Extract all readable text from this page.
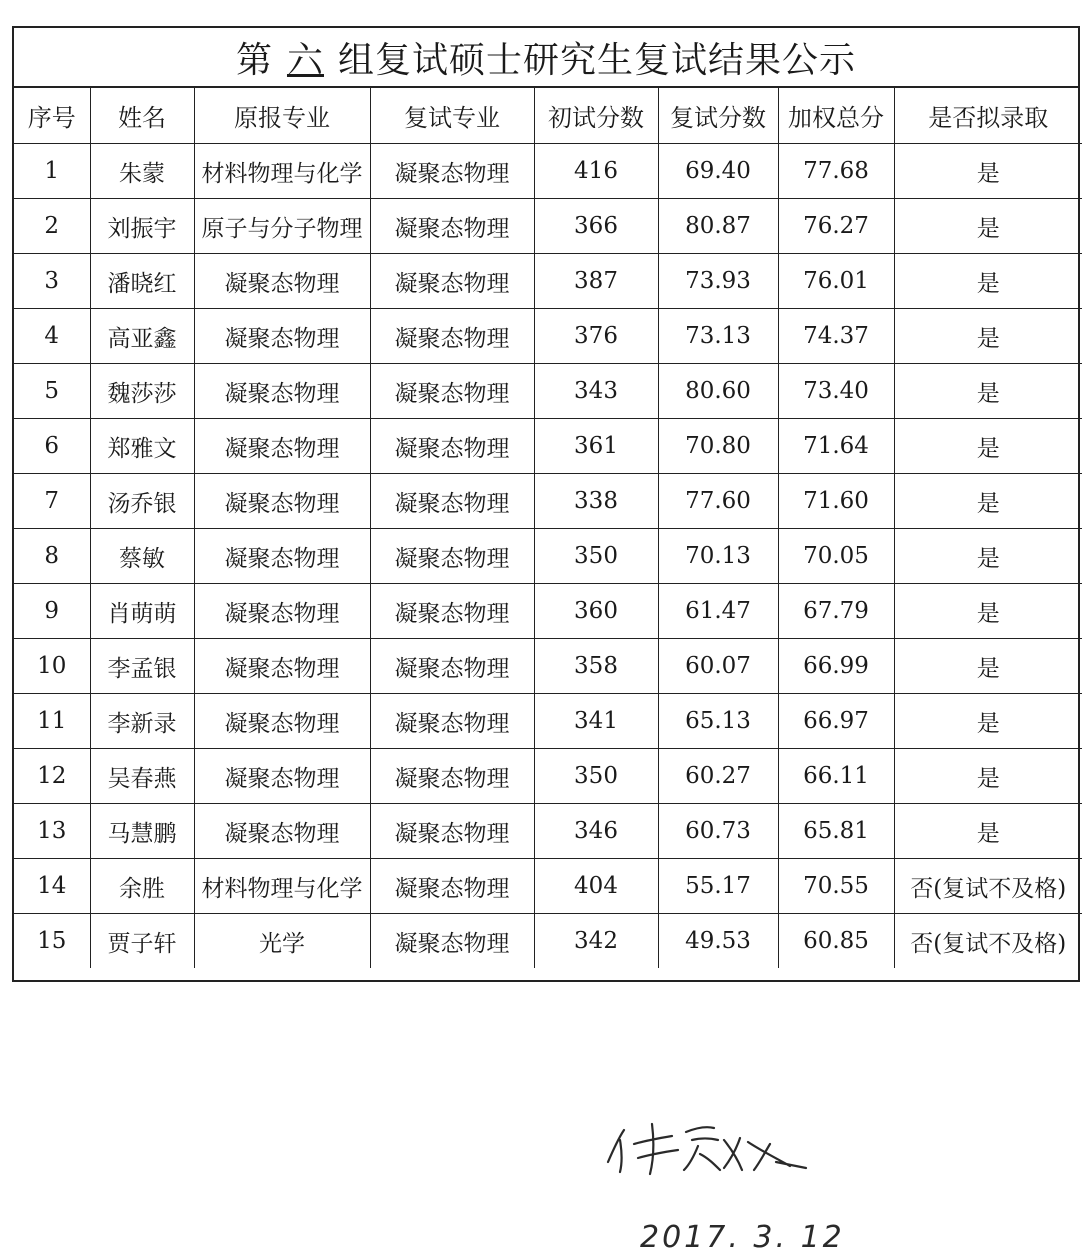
第 六 组复试硕士研究生复试结果公示
序号	姓名	原报专业	复试专业	初试分数	复试分数	加权总分	是否拟录取
1	朱蒙	材料物理与化学	凝聚态物理	416	69.40	77.68	是
2	刘振宇	原子与分子物理	凝聚态物理	366	80.87	76.27	是
3	潘晓红	凝聚态物理	凝聚态物理	387	73.93	76.01	是
4	高亚鑫	凝聚态物理	凝聚态物理	376	73.13	74.37	是
5	魏莎莎	凝聚态物理	凝聚态物理	343	80.60	73.40	是
6	郑雅文	凝聚态物理	凝聚态物理	361	70.80	71.64	是
7	汤乔银	凝聚态物理	凝聚态物理	338	77.60	71.60	是
8	蔡敏	凝聚态物理	凝聚态物理	350	70.13	70.05	是
9	肖萌萌	凝聚态物理	凝聚态物理	360	61.47	67.79	是
10	李孟银	凝聚态物理	凝聚态物理	358	60.07	66.99	是
11	李新录	凝聚态物理	凝聚态物理	341	65.13	66.97	是
12	吴春燕	凝聚态物理	凝聚态物理	350	60.27	66.11	是
13	马慧鹏	凝聚态物理	凝聚态物理	346	60.73	65.81	是
14	余胜	材料物理与化学	凝聚态物理	404	55.17	70.55	否(复试不及格)
15	贾子轩	光学	凝聚态物理	342	49.53	60.85	否(复试不及格)
2017. 3. 12
